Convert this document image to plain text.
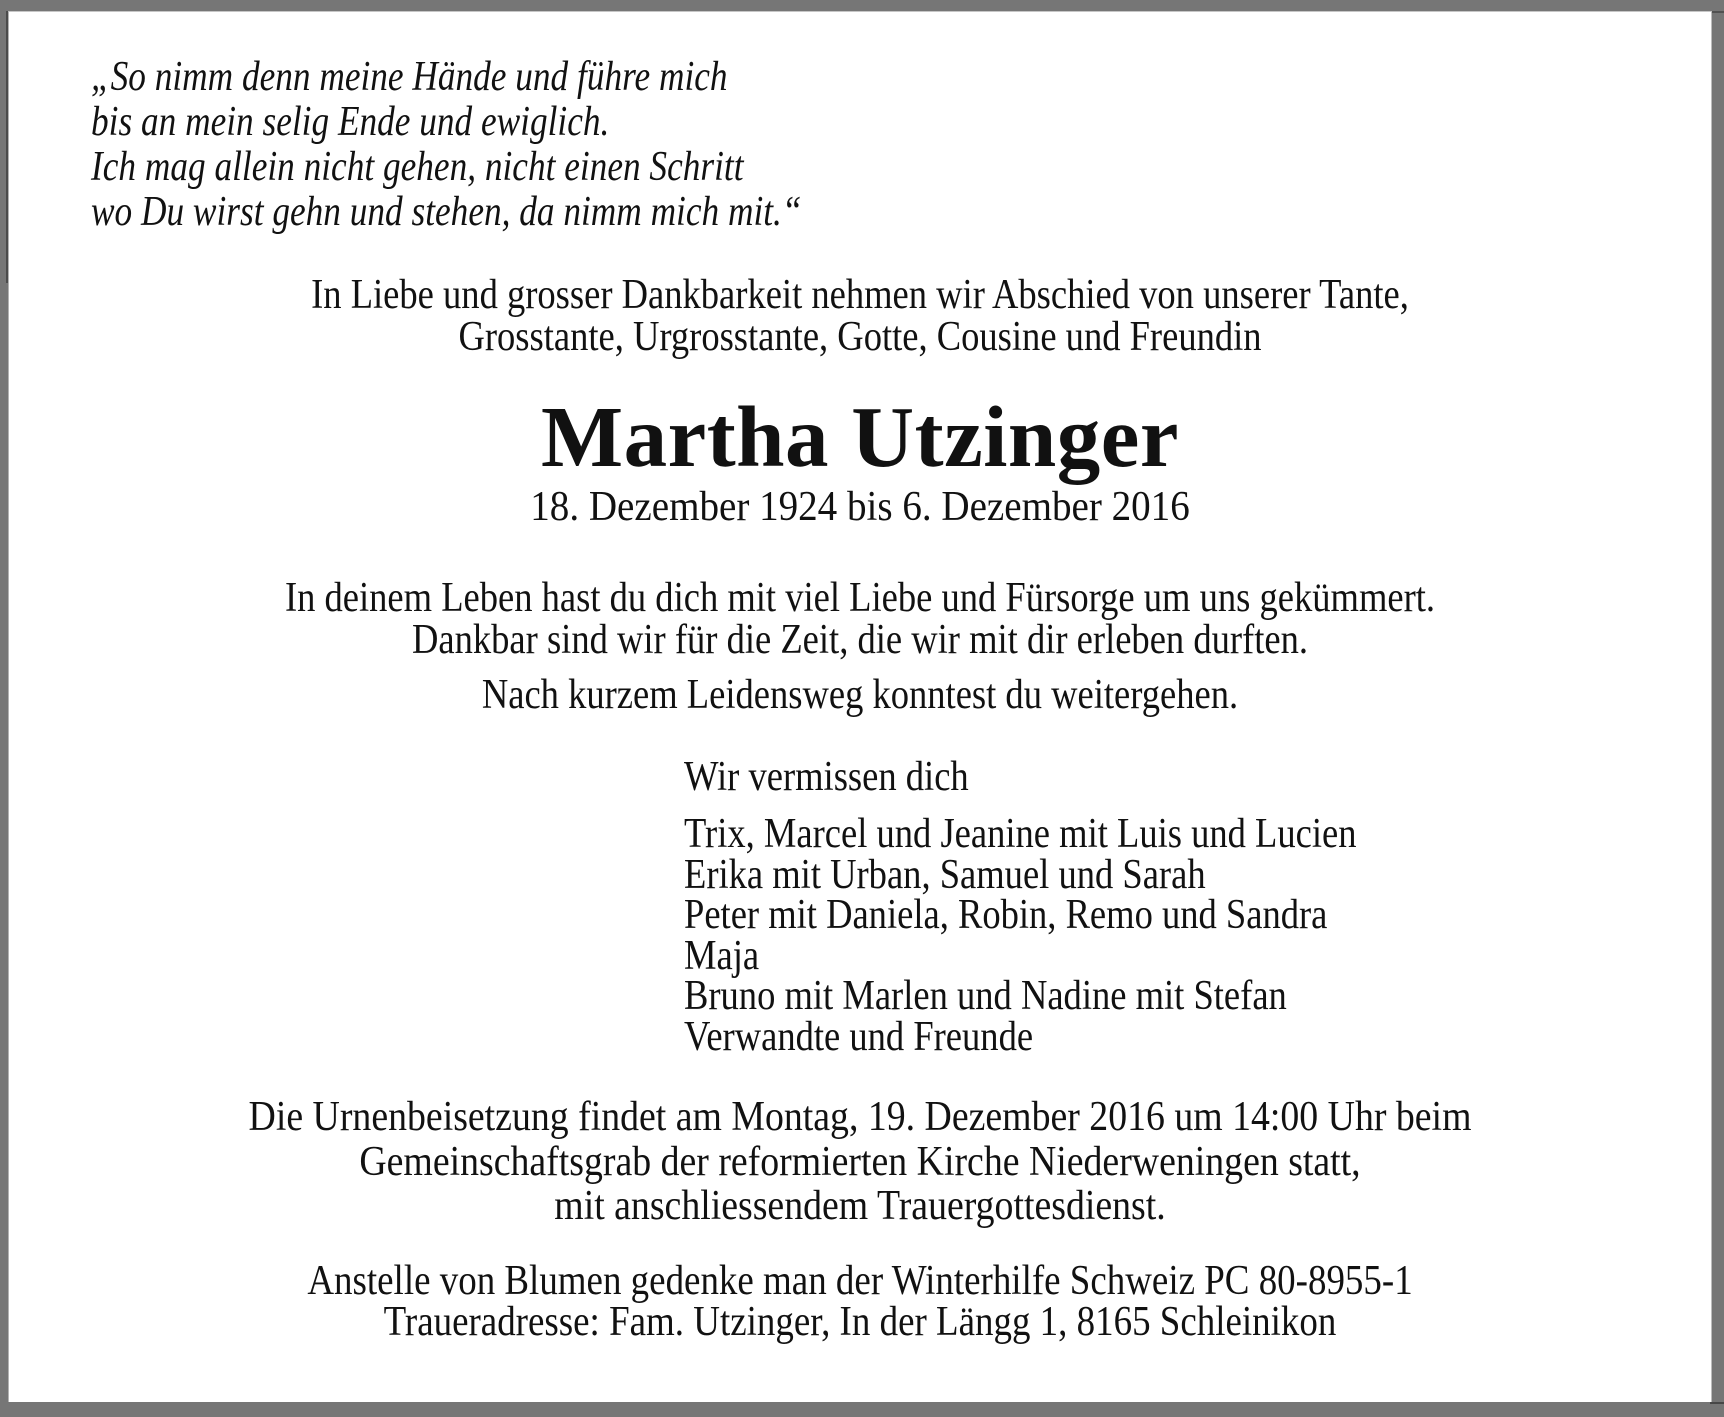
„So nimm denn meine Hände und führe mich
bis an mein selig Ende und ewiglich.
Ich mag allein nicht gehen, nicht einen Schritt
wo Du wirst gehn und stehen, da nimm mich mit.“
In Liebe und grosser Dankbarkeit nehmen wir Abschied von unserer Tante,
Grosstante, Urgrosstante, Gotte, Cousine und Freundin
Martha Utzinger
18. Dezember 1924 bis 6. Dezember 2016
In deinem Leben hast du dich mit viel Liebe und Fürsorge um uns gekümmert.
Dankbar sind wir für die Zeit, die wir mit dir erleben durften.
Nach kurzem Leidensweg konntest du weitergehen.
Wir vermissen dich
Trix, Marcel und Jeanine mit Luis und Lucien
Erika mit Urban, Samuel und Sarah
Peter mit Daniela, Robin, Remo und Sandra
Maja
Bruno mit Marlen und Nadine mit Stefan
Verwandte und Freunde
Die Urnenbeisetzung findet am Montag, 19. Dezember 2016 um 14:00 Uhr beim
Gemeinschaftsgrab der reformierten Kirche Niederweningen statt,
mit anschliessendem Trauergottesdienst.
Anstelle von Blumen gedenke man der Winterhilfe Schweiz PC 80-8955-1
Traueradresse: Fam. Utzinger, In der Längg 1, 8165 Schleinikon
